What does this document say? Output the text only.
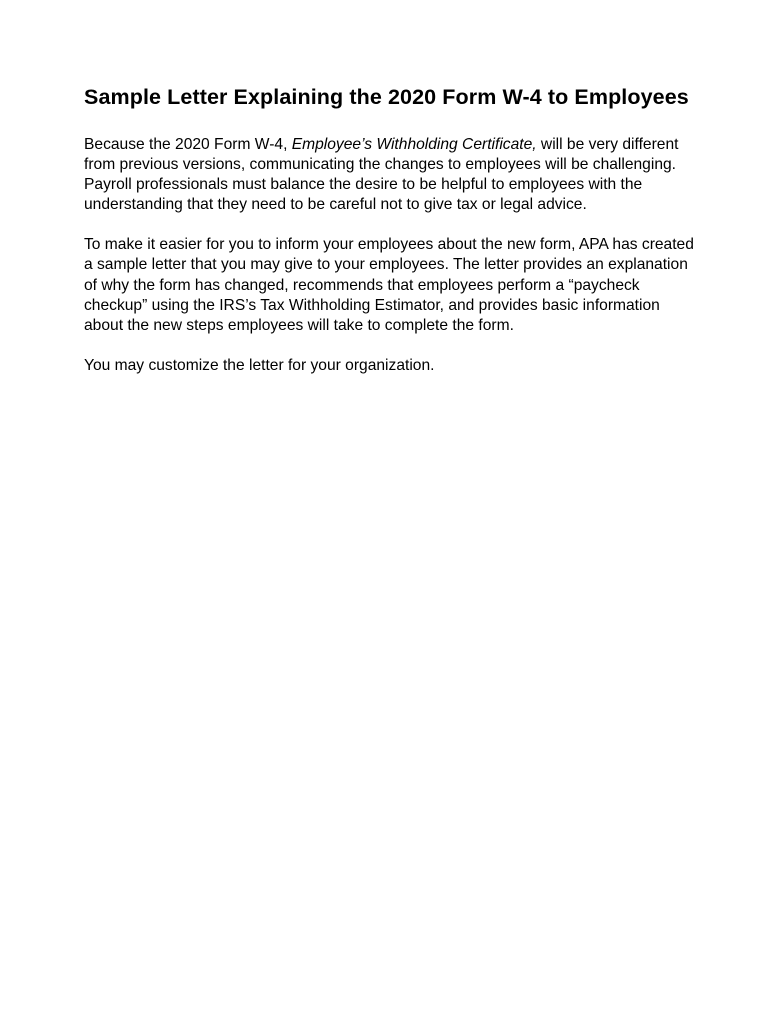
Sample Letter Explaining the 2020 Form W-4 to Employees

Because the 2020 Form W-4, Employee’s Withholding Certificate, will be very different from previous versions, communicating the changes to employees will be challenging. Payroll professionals must balance the desire to be helpful to employees with the understanding that they need to be careful not to give tax or legal advice.

To make it easier for you to inform your employees about the new form, APA has created a sample letter that you may give to your employees. The letter provides an explanation of why the form has changed, recommends that employees perform a “paycheck checkup” using the IRS’s Tax Withholding Estimator, and provides basic information about the new steps employees will take to complete the form.

You may customize the letter for your organization.
